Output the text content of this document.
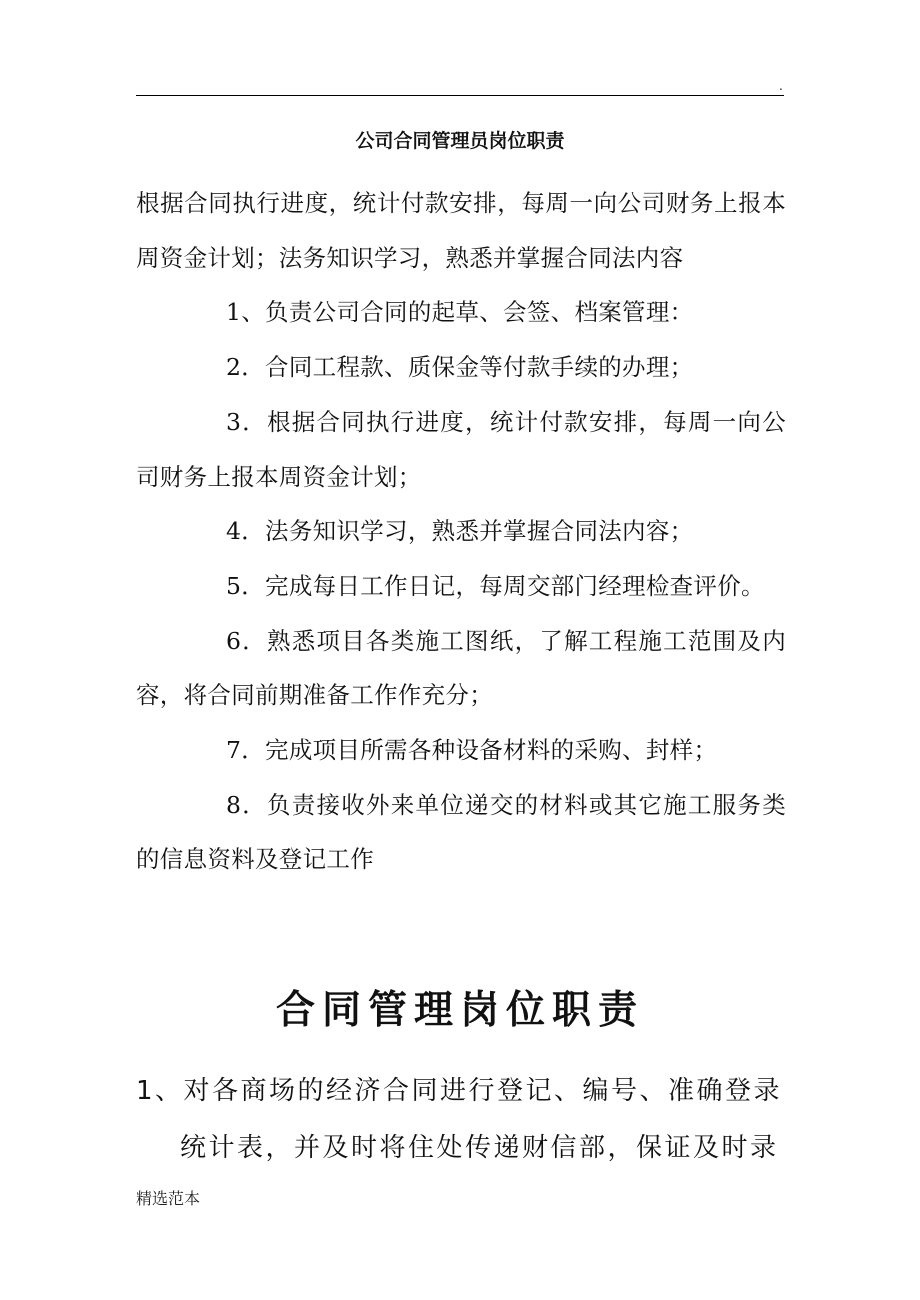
.
公司合同管理员岗位职责

根据合同执行进度，统计付款安排，每周一向公司财务上报本周资金计划；法务知识学习，熟悉并掌握合同法内容

1、负责公司合同的起草、会签、档案管理：

2．合同工程款、质保金等付款手续的办理；

3．根据合同执行进度，统计付款安排，每周一向公司财务上报本周资金计划；

4．法务知识学习，熟悉并掌握合同法内容；

5．完成每日工作日记，每周交部门经理检查评价。

6．熟悉项目各类施工图纸，了解工程施工范围及内容，将合同前期准备工作作充分；

7．完成项目所需各种设备材料的采购、封样；

8．负责接收外来单位递交的材料或其它施工服务类的信息资料及登记工作

合同管理岗位职责

1、对各商场的经济合同进行登记、编号、准确登录统计表，并及时将住处传递财信部，保证及时录

精选范本
